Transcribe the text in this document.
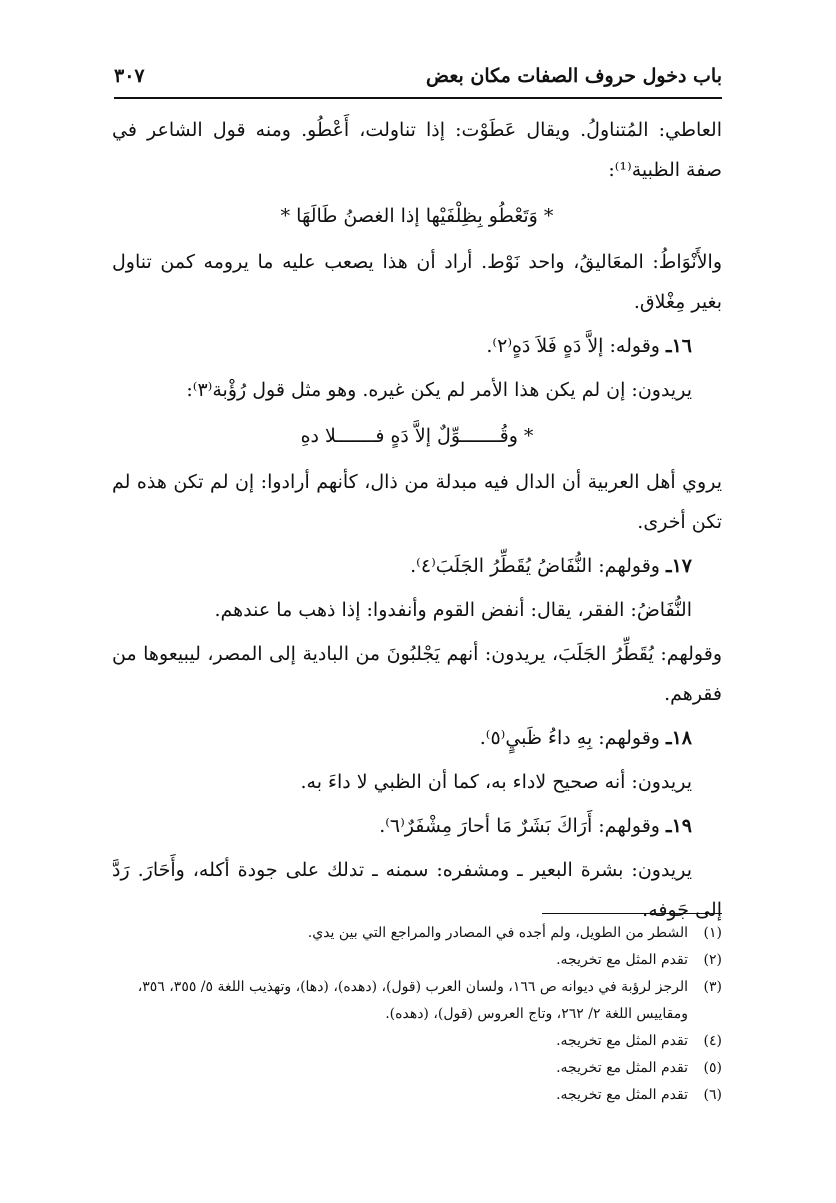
باب دخول حروف الصفات مكان بعض
٣٠٧

العاطي: المُتناولُ. ويقال عَطَوْت: إذا تناولت، أَعْطُو. ومنه قول الشاعر في صفة الظبية⁽¹⁾:

* وَتَعْطُو بِظِلْفَيْها إذا الغصنُ طَالَهَا *

والأَنْوَاطُ: المعَاليقُ، واحد نَوْط. أراد أن هذا يصعب عليه ما يرومه كمن تناول بغير مِغْلاق.

١٦ـ وقوله: إلاَّ دَهٍ فَلاَ دَهٍ⁽٢⁾.

يريدون: إن لم يكن هذا الأمر لم يكن غيره. وهو مثل قول رُؤْبة⁽٣⁾:

* وقُـــــــوِّلٌ إلاَّ دَهٍ فـــــــلا دهِ

يروي أهل العربية أن الدال فيه مبدلة من ذال، كأنهم أرادوا: إن لم تكن هذه لم تكن أخرى.

١٧ـ وقولهم: النُّفَاضُ يُقَطِّرُ الجَلَبَ⁽٤⁾.

النُّفَاضُ: الفقر، يقال: أنفض القوم وأنفدوا: إذا ذهب ما عندهم.

وقولهم: يُقَطِّرُ الجَلَبَ، يريدون: أنهم يَجْلبُونَ من البادية إلى المصر، ليبيعوها من فقرهم.

١٨ـ وقولهم: بِهِ داءُ ظَبيٍ⁽٥⁾.

يريدون: أنه صحيح لاداء به، كما أن الظبي لا داءَ به.

١٩ـ وقولهم: أَرَاكَ بَشَرٌ مَا أحارَ مِشْفَرٌ⁽٦⁾.

يريدون: بشرة البعير ـ ومشفره: سمنه ـ تدلك على جودة أكله، وأَحَارَ. رَدَّ إلى جَوفه.

(١)
الشطر من الطويل، ولم أجده في المصادر والمراجع التي بين يدي.
(٢)
تقدم المثل مع تخريجه.
(٣)
الرجز لرؤبة في ديوانه ص ١٦٦، ولسان العرب (قول)، (دهده)، (دها)، وتهذيب اللغة ٥/ ٣٥٥، ٣٥٦، ومقاييس اللغة ٢/ ٢٦٢، وتاج العروس (قول)، (دهده).
(٤)
تقدم المثل مع تخريجه.
(٥)
تقدم المثل مع تخريجه.
(٦)
تقدم المثل مع تخريجه.
